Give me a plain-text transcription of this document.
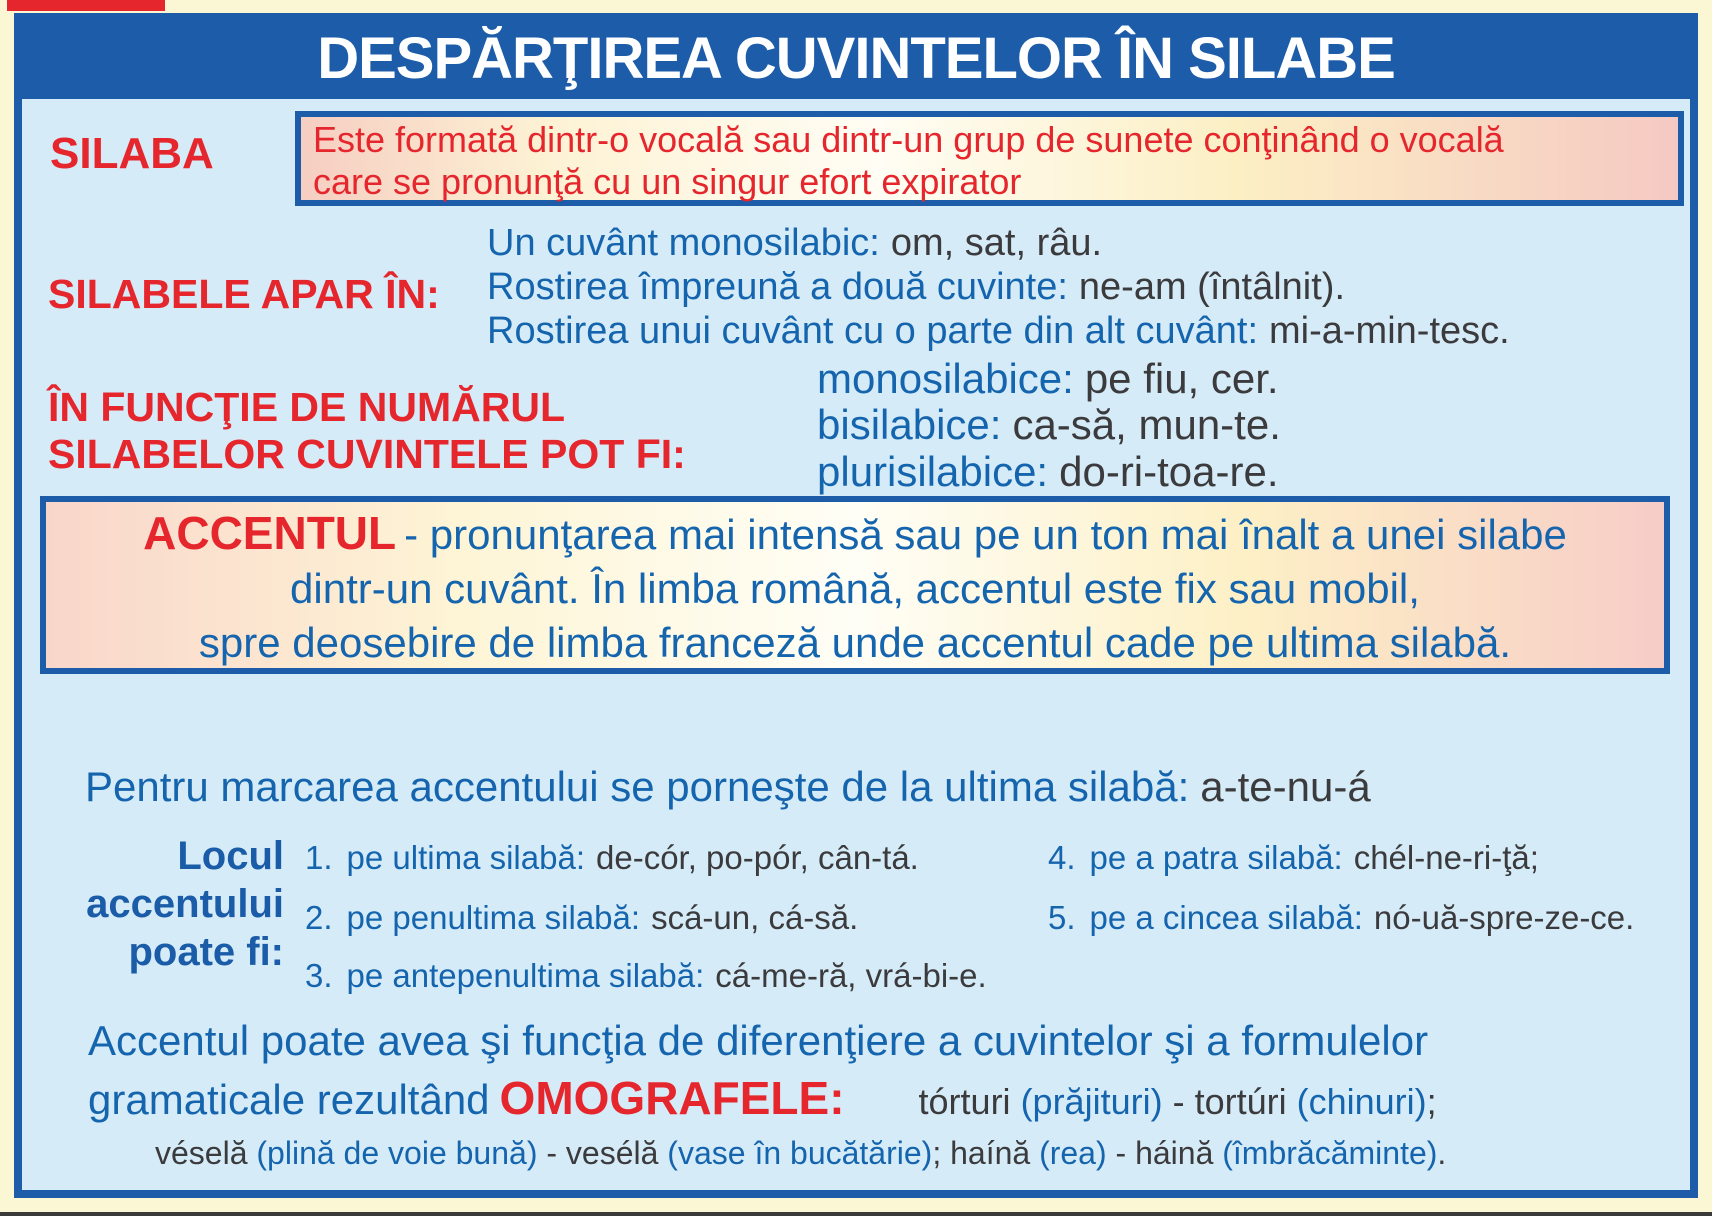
DESPĂRŢIREA CUVINTELOR ÎN SILABE
SILABA	Este formată dintr-o vocală sau dintr-un grup de sunete conţinând o vocală
care se pronunţă cu un singur efort expirator
SILABELE APAR ÎN:
Un cuvânt monosilabic: om, sat, râu.
Rostirea împreună a două cuvinte: ne-am (întâlnit).
Rostirea unui cuvânt cu o parte din alt cuvânt: mi-a-min-tesc.
ÎN FUNCŢIE DE NUMĂRUL
SILABELOR CUVINTELE POT FI:
monosilabice: pe fiu, cer.
bisilabice: ca-să, mun-te.
plurisilabice: do-ri-toa-re.
ACCENTUL - pronunţarea mai intensă sau pe un ton mai înalt a unei silabe
dintr-un cuvânt. În limba română, accentul este fix sau mobil,
spre deosebire de limba franceză unde accentul cade pe ultima silabă.
Pentru marcarea accentului se porneşte de la ultima silabă: a-te-nu-á
Locul
accentului
poate fi:
1. pe ultima silabă: de-cór, po-pór, cân-tá.
2. pe penultima silabă: scá-un, cá-să.
3. pe antepenultima silabă: cá-me-ră, vrá-bi-e.
4. pe a patra silabă: chél-ne-ri-ţă;
5. pe a cincea silabă: nó-uă-spre-ze-ce.
Accentul poate avea şi funcţia de diferenţiere a cuvintelor şi a formulelor
gramaticale rezultând OMOGRAFELE: tórturi (prăjituri) - tortúri (chinuri);
véselă (plină de voie bună) - vesélă (vase în bucătărie); haínă (rea) - háină (îmbrăcăminte).
